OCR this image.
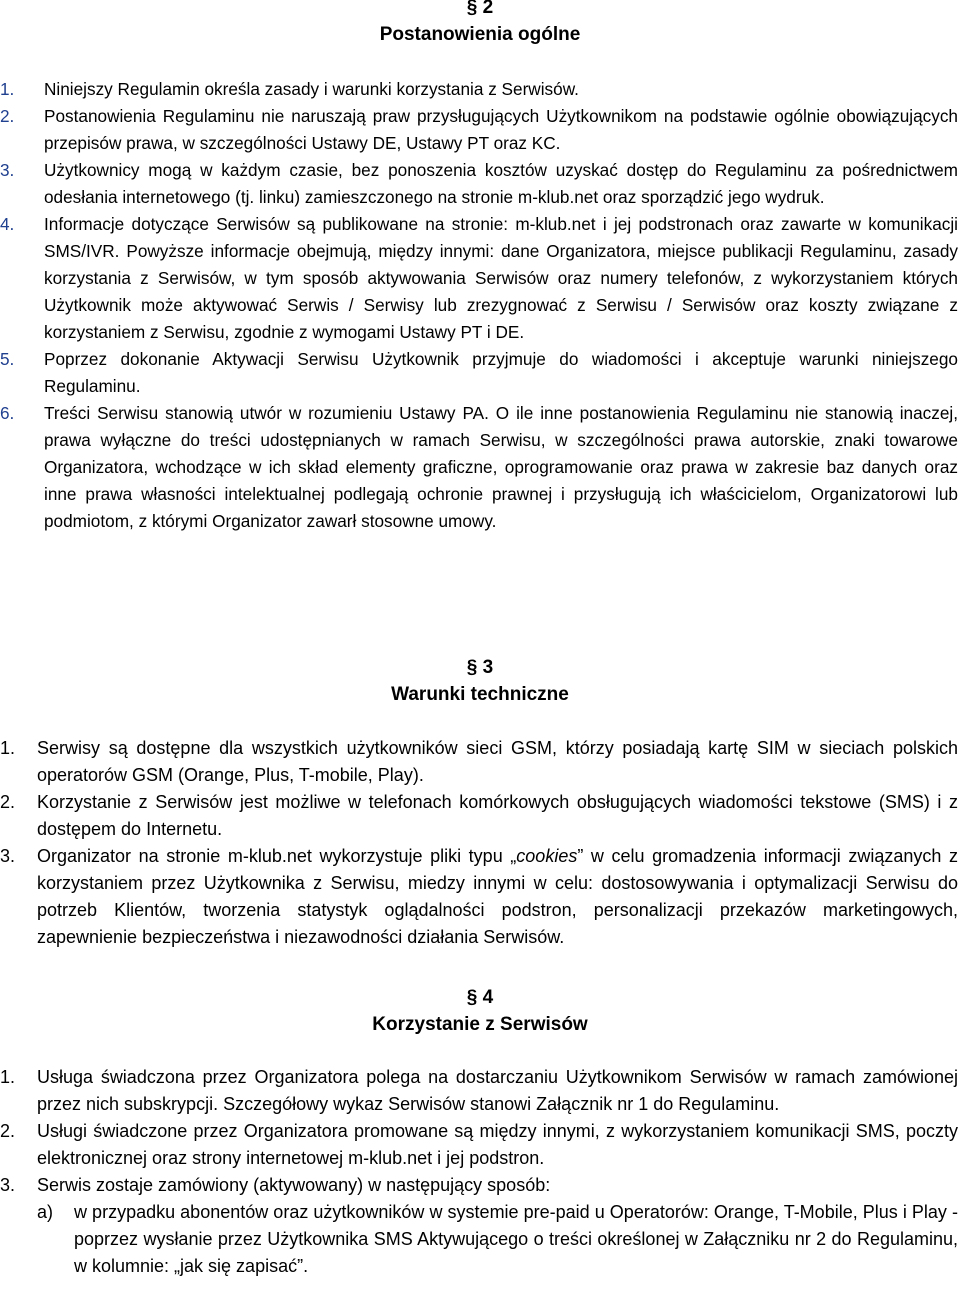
§ 2
Postanowienia ogólne
1. Niniejszy Regulamin określa zasady i warunki korzystania z Serwisów.
2. Postanowienia Regulaminu nie naruszają praw przysługujących Użytkownikom na podstawie ogólnie obowiązujących przepisów prawa, w szczególności Ustawy DE, Ustawy PT oraz KC.
3. Użytkownicy mogą w każdym czasie, bez ponoszenia kosztów uzyskać dostęp do Regulaminu za pośrednictwem odesłania internetowego (tj. linku) zamieszczonego na stronie m-klub.net oraz sporządzić jego wydruk.
4. Informacje dotyczące Serwisów są publikowane na stronie: m-klub.net i jej podstronach oraz zawarte w komunikacji SMS/IVR. Powyższe informacje obejmują, między innymi: dane Organizatora, miejsce publikacji Regulaminu, zasady korzystania z Serwisów, w tym sposób aktywowania Serwisów oraz numery telefonów, z wykorzystaniem których Użytkownik może aktywować Serwis / Serwisy lub zrezygnować z Serwisu / Serwisów oraz koszty związane z korzystaniem z Serwisu, zgodnie z wymogami Ustawy PT i DE.
5. Poprzez dokonanie Aktywacji Serwisu Użytkownik przyjmuje do wiadomości i akceptuje warunki niniejszego Regulaminu.
6. Treści Serwisu stanowią utwór w rozumieniu Ustawy PA. O ile inne postanowienia Regulaminu nie stanowią inaczej, prawa wyłączne do treści udostępnianych w ramach Serwisu, w szczególności prawa autorskie, znaki towarowe Organizatora, wchodzące w ich skład elementy graficzne, oprogramowanie oraz prawa w zakresie baz danych oraz inne prawa własności intelektualnej podlegają ochronie prawnej i przysługują ich właścicielom, Organizatorowi lub podmiotom, z którymi Organizator zawarł stosowne umowy.
§ 3
Warunki techniczne
1. Serwisy są dostępne dla wszystkich użytkowników sieci GSM, którzy posiadają kartę SIM w sieciach polskich operatorów GSM (Orange, Plus, T-mobile, Play).
2. Korzystanie z Serwisów jest możliwe w telefonach komórkowych obsługujących wiadomości tekstowe (SMS) i z dostępem do Internetu.
3. Organizator na stronie m-klub.net wykorzystuje pliki typu „cookies” w celu gromadzenia informacji związanych z korzystaniem przez Użytkownika z Serwisu, miedzy innymi w celu: dostosowywania i optymalizacji Serwisu do potrzeb Klientów, tworzenia statystyk oglądalności podstron, personalizacji przekazów marketingowych, zapewnienie bezpieczeństwa i niezawodności działania Serwisów.
§ 4
Korzystanie z Serwisów
1. Usługa świadczona przez Organizatora polega na dostarczaniu Użytkownikom Serwisów w ramach zamówionej przez nich subskrypcji. Szczegółowy wykaz Serwisów stanowi Załącznik nr 1 do Regulaminu.
2. Usługi świadczone przez Organizatora promowane są między innymi, z wykorzystaniem komunikacji SMS, poczty elektronicznej oraz strony internetowej m-klub.net i jej podstron.
3. Serwis zostaje zamówiony (aktywowany) w następujący sposób:
a) w przypadku abonentów oraz użytkowników w systemie pre-paid u Operatorów: Orange, T-Mobile, Plus i Play - poprzez wysłanie przez Użytkownika SMS Aktywującego o treści określonej w Załączniku nr 2 do Regulaminu, w kolumnie: „jak się zapisać”.
